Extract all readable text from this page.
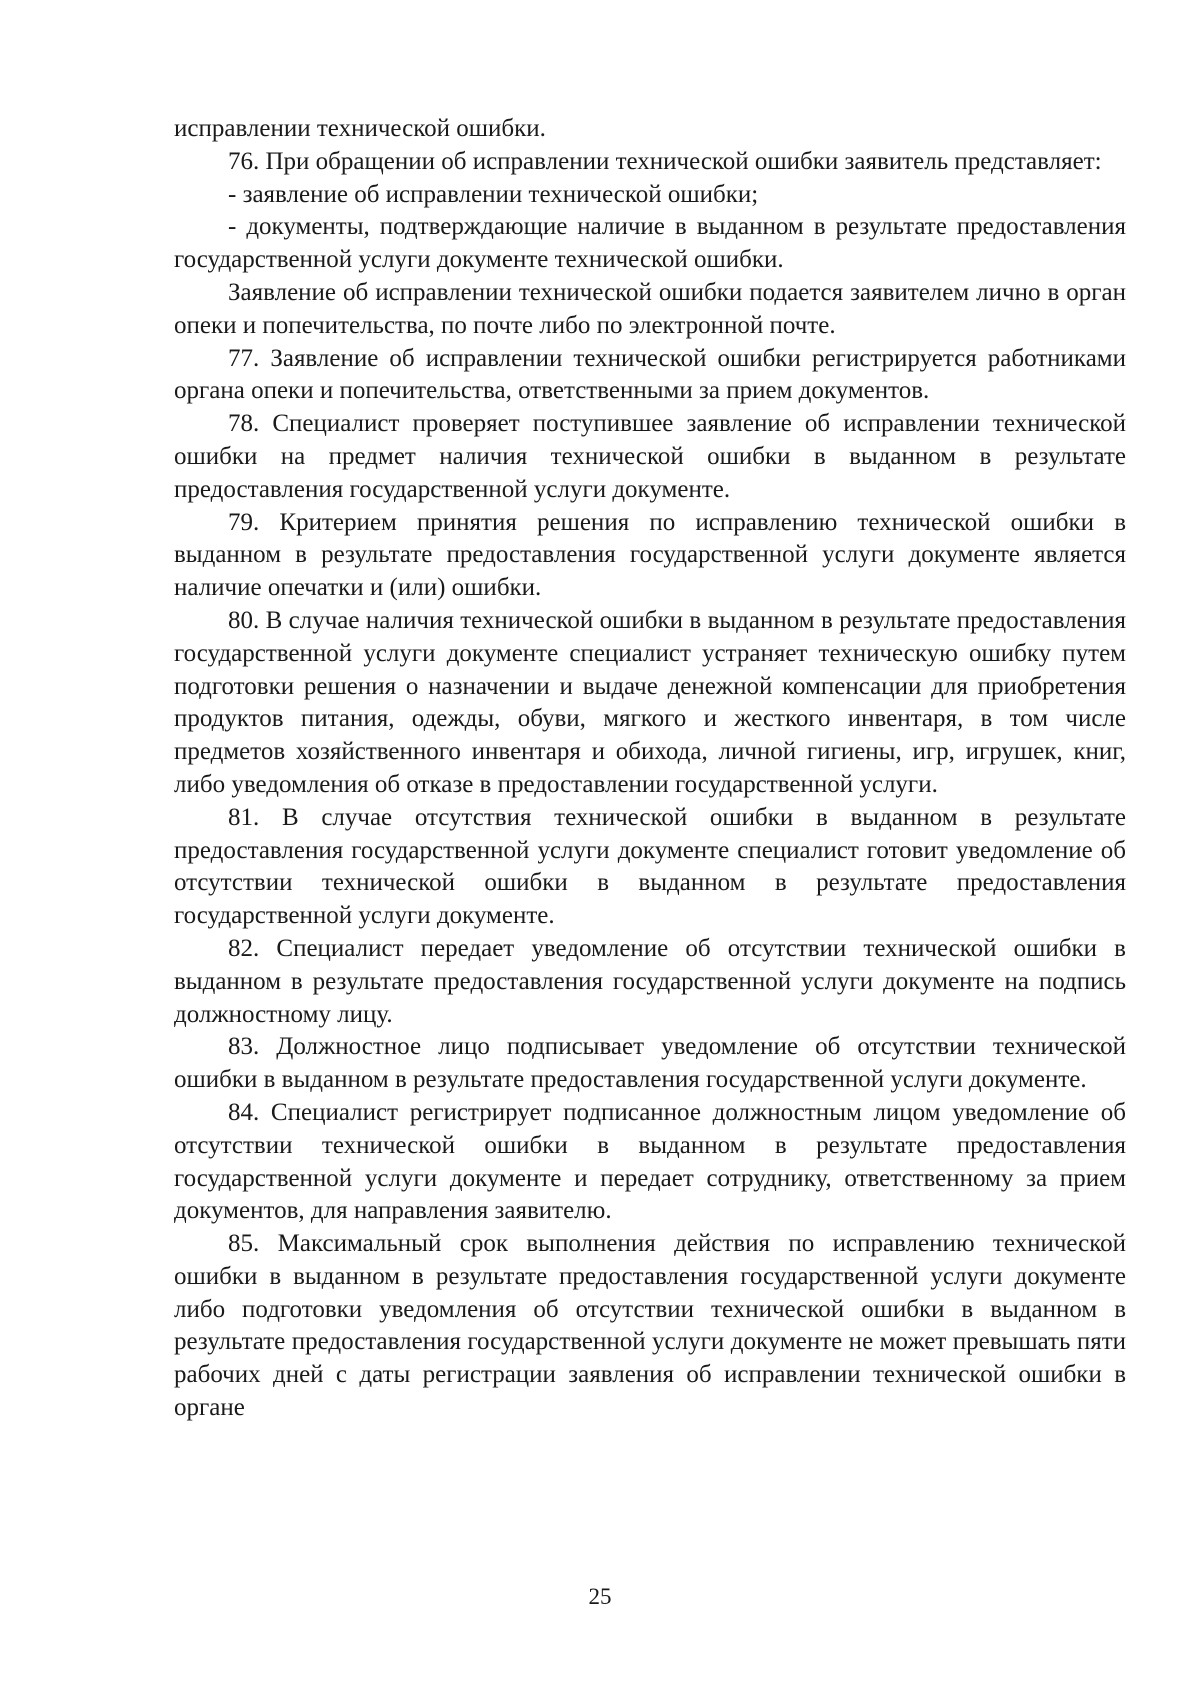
исправлении технической ошибки.

76. При обращении об исправлении технической ошибки заявитель представляет:

- заявление об исправлении технической ошибки;

- документы, подтверждающие наличие в выданном в результате предоставления государственной услуги документе технической ошибки.

Заявление об исправлении технической ошибки подается заявителем лично в орган опеки и попечительства, по почте либо по электронной почте.

77. Заявление об исправлении технической ошибки регистрируется работниками органа опеки и попечительства, ответственными за прием документов.

78. Специалист проверяет поступившее заявление об исправлении технической ошибки на предмет наличия технической ошибки в выданном в результате предоставления государственной услуги документе.

79. Критерием принятия решения по исправлению технической ошибки в выданном в результате предоставления государственной услуги документе является наличие опечатки и (или) ошибки.

80. В случае наличия технической ошибки в выданном в результате предоставления государственной услуги документе специалист устраняет техническую ошибку путем подготовки решения о назначении и выдаче денежной компенсации для приобретения продуктов питания, одежды, обуви, мягкого и жесткого инвентаря, в том числе предметов хозяйственного инвентаря и обихода, личной гигиены, игр, игрушек, книг, либо уведомления об отказе в предоставлении государственной услуги.

81. В случае отсутствия технической ошибки в выданном в результате предоставления государственной услуги документе специалист готовит уведомление об отсутствии технической ошибки в выданном в результате предоставления государственной услуги документе.

82. Специалист передает уведомление об отсутствии технической ошибки в выданном в результате предоставления государственной услуги документе на подпись должностному лицу.

83. Должностное лицо подписывает уведомление об отсутствии технической ошибки в выданном в результате предоставления государственной услуги документе.

84. Специалист регистрирует подписанное должностным лицом уведомление об отсутствии технической ошибки в выданном в результате предоставления государственной услуги документе и передает сотруднику, ответственному за прием документов, для направления заявителю.

85. Максимальный срок выполнения действия по исправлению технической ошибки в выданном в результате предоставления государственной услуги документе либо подготовки уведомления об отсутствии технической ошибки в выданном в результате предоставления государственной услуги документе не может превышать пяти рабочих дней с даты регистрации заявления об исправлении технической ошибки в органе

25
